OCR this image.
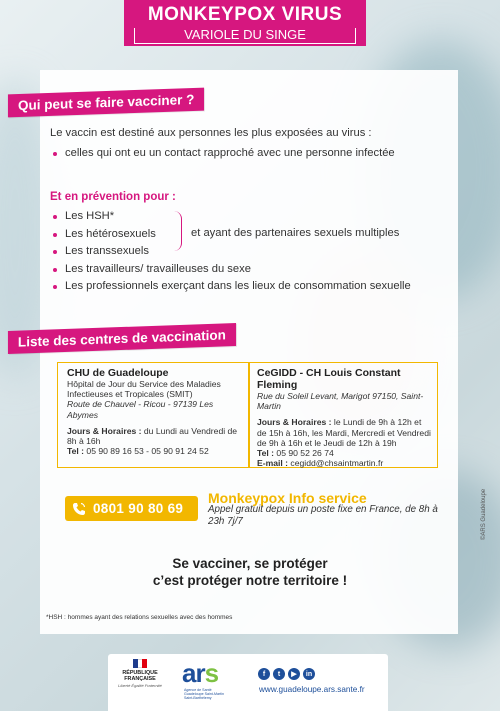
MONKEYPOX VIRUS
VARIOLE DU SINGE
Qui peut se faire vacciner ?
Le vaccin est destiné aux personnes les plus exposées au virus :
celles qui ont eu un contact rapproché avec une personne infectée
Et en prévention pour :
Les HSH*
Les hétérosexuels
Les transsexuels
Les travailleurs/ travailleuses du sexe
Les professionnels exerçant dans les lieux de consommation sexuelle
et ayant des partenaires sexuels multiples
Liste des centres de vaccination
CHU de Guadeloupe
Hôpital de Jour du Service des Maladies Infectieuses et Tropicales (SMIT)
Route de Chauvel - Ricou - 97139 Les Abymes
Jours & Horaires : du Lundi au Vendredi de 8h à 16h
Tel : 05 90 89 16 53 - 05 90 91 24 52
CeGIDD - CH Louis Constant Fleming
Rue du Soleil Levant, Marigot 97150, Saint-Martin
Jours & Horaires : le Lundi de 9h à 12h et de 15h à 16h, les Mardi, Mercredi et Vendredi de 9h à 16h et le Jeudi de 12h à 19h
Tel : 05 90 52 26 74
E-mail : cegidd@chsaintmartin.fr
0801 90 80 69
Monkeypox Info service
Appel gratuit depuis un poste fixe en France, de 8h à 23h 7j/7
Se vacciner, se protéger
c’est protéger notre territoire !
*HSH : hommes ayant des relations sexuelles avec des hommes
©ARS Guadeloupe
RÉPUBLIQUE
FRANÇAISE
Liberté Égalité Fraternité ars
Agence de Santé Guadeloupe Saint-Martin Saint-Barthélemy
f	t	▶	in
www.guadeloupe.ars.sante.fr
